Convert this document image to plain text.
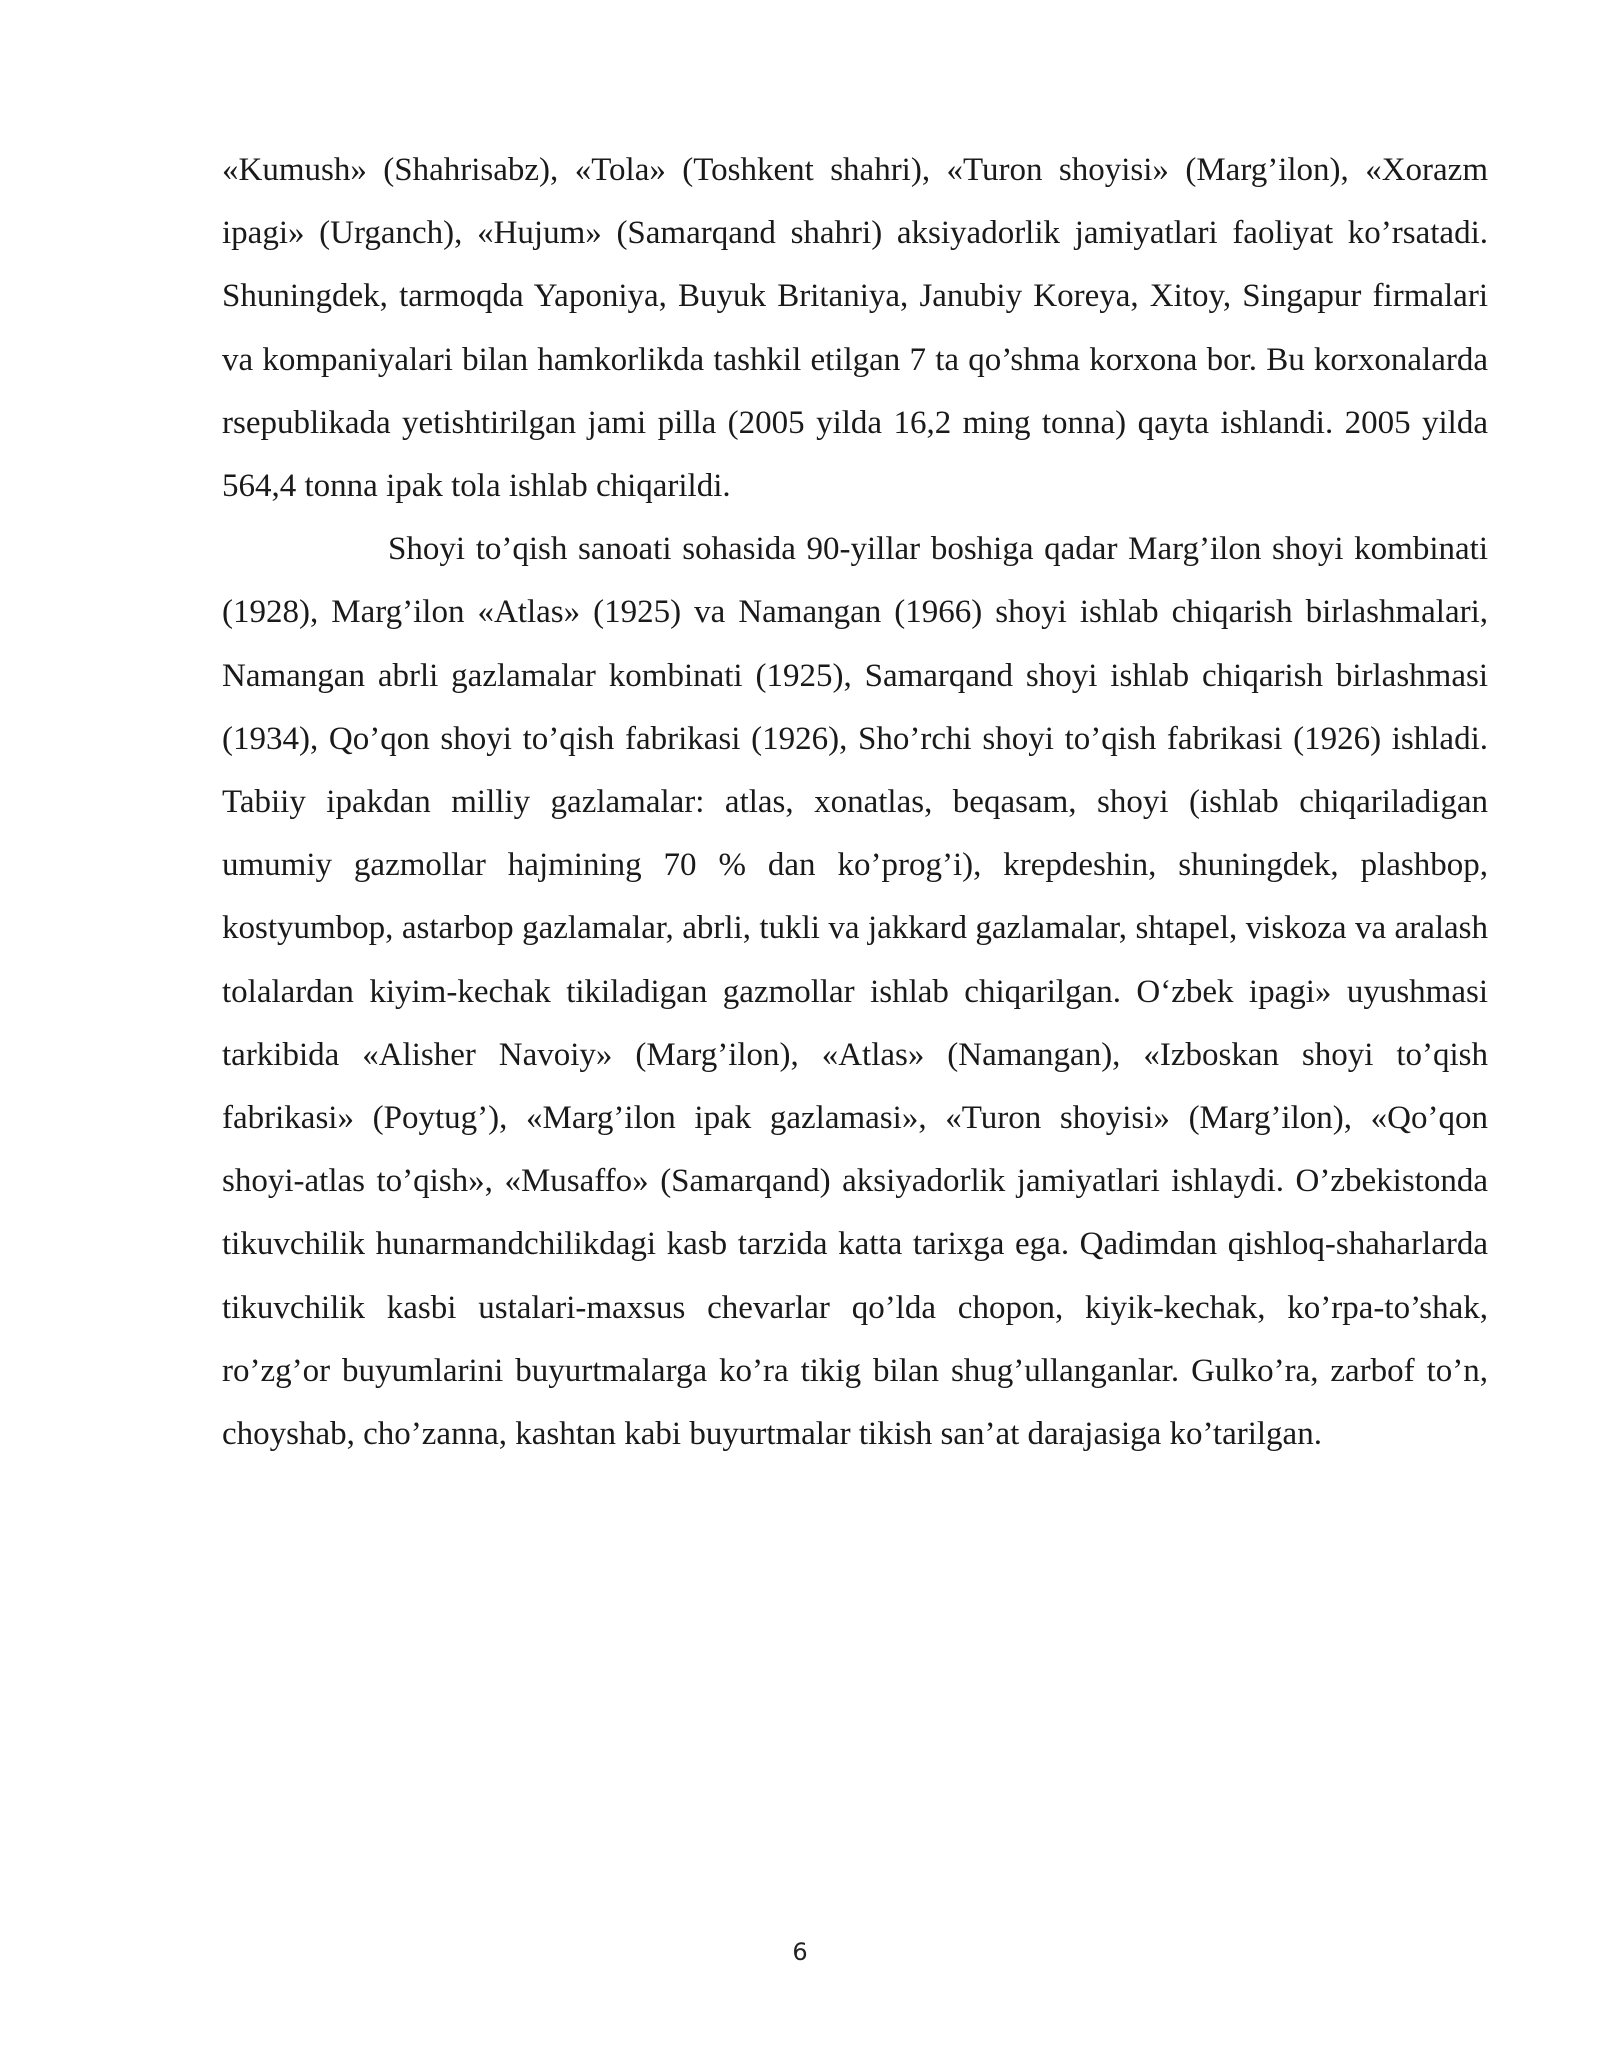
«Kumush» (Shahrisabz), «Tola» (Toshkent shahri), «Turon shoyisi» (Marg’ilon), «Xorazm ipagi» (Urganch), «Hujum» (Samarqand shahri) aksiyadorlik jamiyatlari faoliyat ko’rsatadi. Shuningdek, tarmoqda Yaponiya, Buyuk Britaniya, Janubiy Koreya, Xitoy, Singapur firmalari va kompaniyalari bilan hamkorlikda tashkil etilgan 7 ta qo’shma korxona bor. Bu korxonalarda rsepublikada yetishtirilgan jami pilla (2005 yilda 16,2 ming tonna) qayta ishlandi. 2005 yilda 564,4 tonna ipak tola ishlab chiqarildi.

Shoyi to’qish sanoati sohasida 90-yillar boshiga qadar Marg’ilon shoyi kombinati (1928), Marg’ilon «Atlas» (1925) va Namangan (1966) shoyi ishlab chiqarish birlashmalari, Namangan abrli gazlamalar kombinati (1925), Samarqand shoyi ishlab chiqarish birlashmasi (1934), Qo’qon shoyi to’qish fabrikasi (1926), Sho’rchi shoyi to’qish fabrikasi (1926) ishladi. Tabiiy ipakdan milliy gazlamalar: atlas, xonatlas, beqasam, shoyi (ishlab chiqariladigan umumiy gazmollar hajmining 70 % dan ko’prog’i), krepdeshin, shuningdek, plashbop, kostyumbop, astarbop gazlamalar, abrli, tukli va jakkard gazlamalar, shtapel, viskoza va aralash tolalardan kiyim-kechak tikiladigan gazmollar ishlab chiqarilgan. O‘zbek ipagi» uyushmasi tarkibida «Alisher Navoiy» (Marg’ilon), «Atlas» (Namangan), «Izboskan shoyi to’qish fabrikasi» (Poytug’), «Marg’ilon ipak gazlamasi», «Turon shoyisi» (Marg’ilon), «Qo’qon shoyi-atlas to’qish», «Musaffo» (Samarqand) aksiyadorlik jamiyatlari ishlaydi. O’zbekistonda tikuvchilik hunarmandchilikdagi kasb tarzida katta tarixga ega. Qadimdan qishloq-shaharlarda tikuvchilik kasbi ustalari-maxsus chevarlar qo’lda chopon, kiyik-kechak, ko’rpa-to’shak, ro’zg’or buyumlarini buyurtmalarga ko’ra tikig bilan shug’ullanganlar. Gulko’ra, zarbof to’n, choyshab, cho’zanna, kashtan kabi buyurtmalar tikish san’at darajasiga ko’tarilgan.

6
